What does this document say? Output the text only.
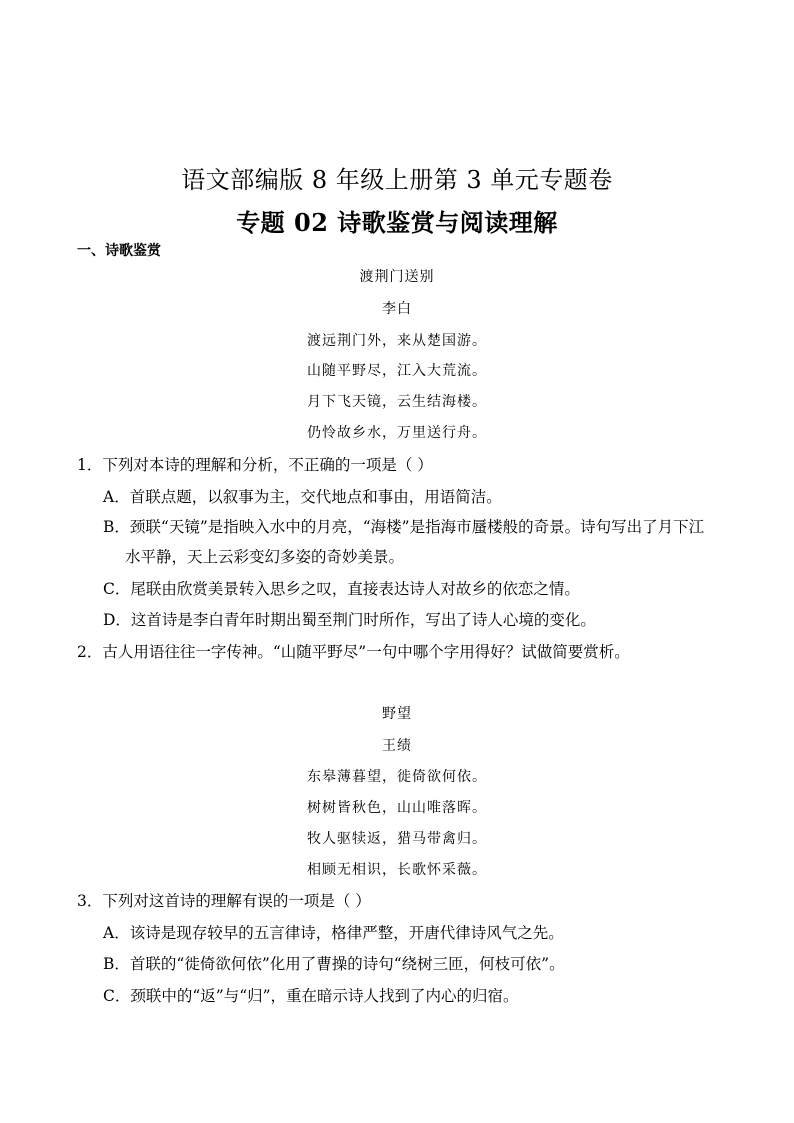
语文部编版 8 年级上册第 3 单元专题卷
专题 02 诗歌鉴赏与阅读理解
一、诗歌鉴赏
渡荆门送别
李白
渡远荆门外，来从楚国游。
山随平野尽，江入大荒流。
月下飞天镜，云生结海楼。
仍怜故乡水，万里送行舟。
1．下列对本诗的理解和分析，不正确的一项是（ ）
A．首联点题，以叙事为主，交代地点和事由，用语简洁。
B．颈联“天镜”是指映入水中的月亮，“海楼”是指海市蜃楼般的奇景。诗句写出了月下江
水平静，天上云彩变幻多姿的奇妙美景。
C．尾联由欣赏美景转入思乡之叹，直接表达诗人对故乡的依恋之情。
D．这首诗是李白青年时期出蜀至荆门时所作，写出了诗人心境的变化。
2．古人用语往往一字传神。“山随平野尽”一句中哪个字用得好？试做简要赏析。
野望
王绩
东皋薄暮望，徙倚欲何依。
树树皆秋色，山山唯落晖。
牧人驱犊返，猎马带禽归。
相顾无相识，长歌怀采薇。
3．下列对这首诗的理解有误的一项是（ ）
A．该诗是现存较早的五言律诗，格律严整，开唐代律诗风气之先。
B．首联的“徙倚欲何依”化用了曹操的诗句“绕树三匝，何枝可依”。
C．颈联中的“返”与“归”，重在暗示诗人找到了内心的归宿。
